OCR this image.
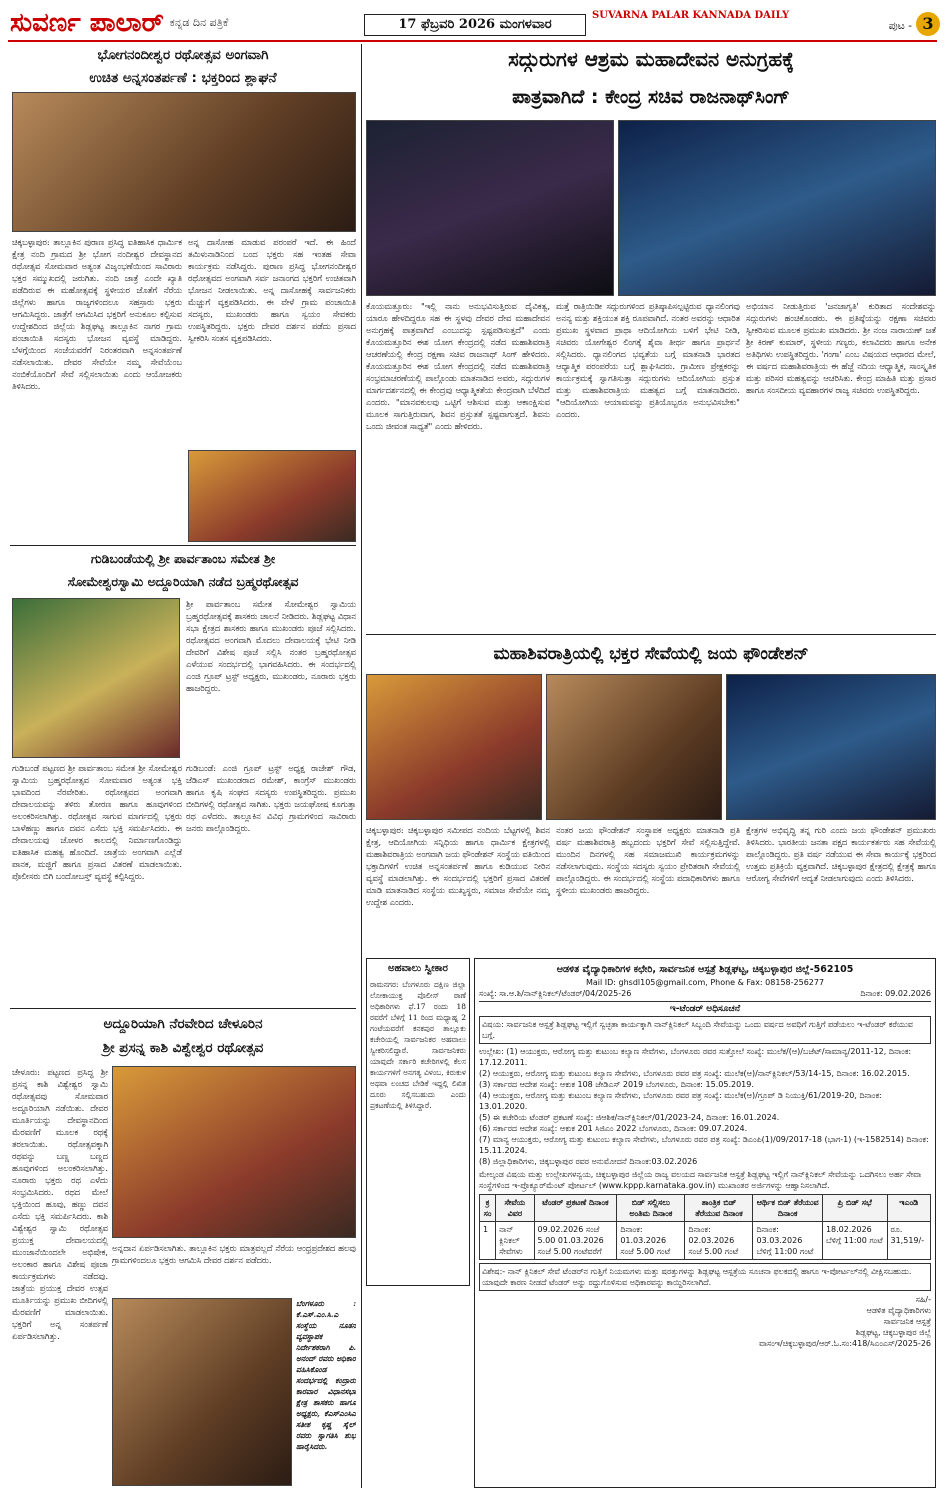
ಸುವರ್ಣ ಪಾಲಾರ್ $^{ಕನ್ನಡ ದಿನ ಪತ್ರಿಕೆ}$	17 ಫೆಬ್ರವರಿ 2026 ಮಂಗಳವಾರ
SUVARNA PALAR KANNADA DAILY
ಪುಟ - 3
ಭೋಗನಂದೀಶ್ವರ ರಥೋತ್ಸವ ಅಂಗವಾಗಿ
ಉಚಿತ ಅನ್ನಸಂತರ್ಪಣೆ : ಭಕ್ತರಿಂದ ಶ್ಲಾಘನೆ
ಚಿಕ್ಕಬಳ್ಳಾಪುರ: ತಾಲ್ಲೂಕಿನ ಪುರಾಣ ಪ್ರಸಿದ್ಧ ಐತಿಹಾಸಿಕ ಧಾರ್ಮಿಕ ಕ್ಷೇತ್ರ ನಂದಿ ಗ್ರಾಮದ ಶ್ರೀ ಭೋಗ ನಂದೀಶ್ವರ ದೇವಸ್ಥಾನದ ರಥೋತ್ಸವ ಸೋಮವಾರ ಅತ್ಯಂತ ವಿಜೃಂಭಣೆಯಿಂದ ಸಾವಿರಾರು ಭಕ್ತರ ಸಮ್ಮುಖದಲ್ಲಿ ಜರುಗಿತು. ನಂದಿ ಜಾತ್ರೆ ಎಂದೇ ಖ್ಯಾತಿ ಪಡೆದಿರುವ ಈ ಮಹೋತ್ಸವಕ್ಕೆ ಸ್ಥಳೀಯರ ಜೊತೆಗೆ ನೆರೆಯ ಜಿಲ್ಲೆಗಳು ಹಾಗೂ ರಾಜ್ಯಗಳಿಂದಲೂ ಸಹಸ್ರಾರು ಭಕ್ತರು ಆಗಮಿಸಿದ್ದರು. ಜಾತ್ರೆಗೆ ಆಗಮಿಸಿದ ಭಕ್ತರಿಗೆ ಅನುಕೂಲ ಕಲ್ಪಿಸುವ ಉದ್ದೇಶದಿಂದ ಜಿಲ್ಲೆಯ ಶಿಡ್ಲಘಟ್ಟ ತಾಲ್ಲೂಕಿನ ನಾಗರ ಗ್ರಾಮ ಪಂಚಾಯಿತಿ ಸದಸ್ಯರು ಭೋಜನ ವ್ಯವಸ್ಥೆ ಮಾಡಿದ್ದರು. ಬೆಳಗ್ಗೆಯಿಂದ ಸಂಜೆಯವರೆಗೆ ನಿರಂತರವಾಗಿ ಅನ್ನಸಂತರ್ಪಣೆ ನಡೆಸಲಾಯಿತು. ದೇವರ ಸೇವೆಯೇ ನಮ್ಮ ಸೇವೆಯೆಂಬ ನಂಬಿಕೆಯೊಂದಿಗೆ ಸೇವೆ ಸಲ್ಲಿಸಲಾಯಿತು ಎಂದು ಆಯೋಜಕರು ತಿಳಿಸಿದರು.
ಅನ್ನ ದಾಸೋಹ ಮಾಡುವ ಪರಂಪರೆ ಇದೆ. ಈ ಹಿಂದೆ ತಮಿಳುನಾಡಿನಿಂದ ಬಂದ ಭಕ್ತರು ಸಹ ಇಂತಹ ಸೇವಾ ಕಾರ್ಯಕ್ರಮ ನಡೆಸಿದ್ದರು. ಪುರಾಣ ಪ್ರಸಿದ್ಧ ಭೋಗನಂದೀಶ್ವರ ರಥೋತ್ಸವದ ಅಂಗವಾಗಿ ಸರ್ವ ಜನಾಂಗದ ಭಕ್ತರಿಗೆ ಉಚಿತವಾಗಿ ಭೋಜನ ನೀಡಲಾಯಿತು. ಅನ್ನ ದಾಸೋಹಕ್ಕೆ ಸಾರ್ವಜನಿಕರು ಮೆಚ್ಚುಗೆ ವ್ಯಕ್ತಪಡಿಸಿದರು. ಈ ವೇಳೆ ಗ್ರಾಮ ಪಂಚಾಯಿತಿ ಸದಸ್ಯರು, ಮುಖಂಡರು ಹಾಗೂ ಸ್ವಯಂ ಸೇವಕರು ಉಪಸ್ಥಿತರಿದ್ದರು. ಭಕ್ತರು ದೇವರ ದರ್ಶನ ಪಡೆದು ಪ್ರಸಾದ ಸ್ವೀಕರಿಸಿ ಸಂತಸ ವ್ಯಕ್ತಪಡಿಸಿದರು.
ಗುಡಿಬಂಡೆಯಲ್ಲಿ ಶ್ರೀ ಪಾರ್ವತಾಂಬ ಸಮೇತ ಶ್ರೀ
ಸೋಮೇಶ್ವರಸ್ವಾಮಿ ಅದ್ದೂರಿಯಾಗಿ ನಡೆದ ಬ್ರಹ್ಮರಥೋತ್ಸವ
ಶ್ರೀ ಪಾರ್ವತಾಂಬ ಸಮೇತ ಸೋಮೇಶ್ವರ ಸ್ವಾಮಿಯ ಬ್ರಹ್ಮರಥೋತ್ಸವಕ್ಕೆ ಶಾಸಕರು ಚಾಲನೆ ನೀಡಿದರು. ಶಿಡ್ಲಘಟ್ಟ ವಿಧಾನ ಸಭಾ ಕ್ಷೇತ್ರದ ಶಾಸಕರು ಹಾಗೂ ಮುಖಂಡರು ಪೂಜೆ ಸಲ್ಲಿಸಿದರು. ರಥೋತ್ಸವದ ಅಂಗವಾಗಿ ಮೊದಲು ದೇವಾಲಯಕ್ಕೆ ಭೇಟಿ ನೀಡಿ ದೇವರಿಗೆ ವಿಶೇಷ ಪೂಜೆ ಸಲ್ಲಿಸಿ ನಂತರ ಬ್ರಹ್ಮರಥೋತ್ಸವ ಎಳೆಯುವ ಸಂದರ್ಭದಲ್ಲಿ ಭಾಗವಹಿಸಿದರು. ಈ ಸಂದರ್ಭದಲ್ಲಿ ಎಂಜಿ ಗ್ರೂಪ್ ಟ್ರಸ್ಟ್ ಅಧ್ಯಕ್ಷರು, ಮುಖಂಡರು, ನೂರಾರು ಭಕ್ತರು ಹಾಜರಿದ್ದರು.
ಗುಡಿಬಂಡೆ ಪಟ್ಟಣದ ಶ್ರೀ ಪಾರ್ವತಾಂಬ ಸಮೇತ ಶ್ರೀ ಸೋಮೇಶ್ವರ ಸ್ವಾಮಿಯ ಬ್ರಹ್ಮರಥೋತ್ಸವ ಸೋಮವಾರ ಅತ್ಯಂತ ಭಕ್ತಿ ಭಾವದಿಂದ ನೆರವೇರಿತು. ರಥೋತ್ಸವದ ಅಂಗವಾಗಿ ದೇವಾಲಯವನ್ನು ತಳಿರು ತೋರಣ ಹಾಗೂ ಹೂವುಗಳಿಂದ ಅಲಂಕರಿಸಲಾಗಿತ್ತು. ರಥೋತ್ಸವ ಸಾಗುವ ಮಾರ್ಗದಲ್ಲಿ ಭಕ್ತರು ಬಾಳೆಹಣ್ಣು ಹಾಗೂ ದವನ ಎಸೆದು ಭಕ್ತಿ ಸಮರ್ಪಿಸಿದರು. ಈ ದೇವಾಲಯವು ಚೋಳರ ಕಾಲದಲ್ಲಿ ನಿರ್ಮಾಣಗೊಂಡಿದ್ದು ಐತಿಹಾಸಿಕ ಮಹತ್ವ ಹೊಂದಿದೆ. ಜಾತ್ರೆಯ ಅಂಗವಾಗಿ ಎಲ್ಲೆಡೆ ಪಾನಕ, ಮಜ್ಜಿಗೆ ಹಾಗೂ ಪ್ರಸಾದ ವಿತರಣೆ ಮಾಡಲಾಯಿತು. ಪೊಲೀಸರು ಬಿಗಿ ಬಂದೋಬಸ್ತ್ ವ್ಯವಸ್ಥೆ ಕಲ್ಪಿಸಿದ್ದರು.
ಗುಡಿಬಂಡೆ: ಎಂಜಿ ಗ್ರೂಪ್ ಟ್ರಸ್ಟ್ ಅಧ್ಯಕ್ಷ ರಾಜೇಶ್ ಗೌಡ, ಜೆಡಿಎಸ್ ಮುಖಂಡರಾದ ರಮೇಶ್, ಕಾಂಗ್ರೆಸ್ ಮುಖಂಡರು ಹಾಗೂ ಕೃಷಿ ಸಂಘದ ಸದಸ್ಯರು ಉಪಸ್ಥಿತರಿದ್ದರು. ಪ್ರಮುಖ ಬೀದಿಗಳಲ್ಲಿ ರಥೋತ್ಸವ ಸಾಗಿತು. ಭಕ್ತರು ಜಯಘೋಷ ಕೂಗುತ್ತಾ ರಥ ಎಳೆದರು. ತಾಲ್ಲೂಕಿನ ವಿವಿಧ ಗ್ರಾಮಗಳಿಂದ ಸಾವಿರಾರು ಜನರು ಪಾಲ್ಗೊಂಡಿದ್ದರು.
ಅದ್ದೂರಿಯಾಗಿ ನೆರವೇರಿದ ಚೇಳೂರಿನ
ಶ್ರೀ ಪ್ರಸನ್ನ ಕಾಶಿ ವಿಶ್ವೇಶ್ವರ ರಥೋತ್ಸವ
ಚೇಳೂರು: ಪಟ್ಟಣದ ಪ್ರಸಿದ್ಧ ಶ್ರೀ ಪ್ರಸನ್ನ ಕಾಶಿ ವಿಶ್ವೇಶ್ವರ ಸ್ವಾಮಿ ರಥೋತ್ಸವವು ಸೋಮವಾರ ಅದ್ದೂರಿಯಾಗಿ ನಡೆಯಿತು. ದೇವರ ಮೂರ್ತಿಯನ್ನು ದೇವಸ್ಥಾನದಿಂದ ಮೆರವಣಿಗೆ ಮೂಲಕ ರಥಕ್ಕೆ ತರಲಾಯಿತು. ರಥೋತ್ಸವಕ್ಕಾಗಿ ರಥವನ್ನು ಬಣ್ಣ ಬಣ್ಣದ ಹೂವುಗಳಿಂದ ಅಲಂಕರಿಸಲಾಗಿತ್ತು. ನೂರಾರು ಭಕ್ತರು ರಥ ಎಳೆದು ಸಂಭ್ರಮಿಸಿದರು. ರಥದ ಮೇಲೆ ಭಕ್ತಿಯಿಂದ ಹೂವು, ಹಣ್ಣು ದವನ ಎಸೆದು ಭಕ್ತಿ ಸಮರ್ಪಿಸಿದರು. ಕಾಶಿ ವಿಶ್ವೇಶ್ವರ ಸ್ವಾಮಿ ರಥೋತ್ಸವ ಪ್ರಯುಕ್ತ ದೇವಾಲಯದಲ್ಲಿ ಮುಂಜಾನೆಯಿಂದಲೇ ಅಭಿಷೇಕ, ಅಲಂಕಾರ ಹಾಗೂ ವಿಶೇಷ ಪೂಜಾ ಕಾರ್ಯಕ್ರಮಗಳು ನಡೆದವು. ಜಾತ್ರೆಯ ಪ್ರಯುಕ್ತ ದೇವರ ಉತ್ಸವ ಮೂರ್ತಿಯನ್ನು ಪ್ರಮುಖ ಬೀದಿಗಳಲ್ಲಿ ಮೆರವಣಿಗೆ ಮಾಡಲಾಯಿತು. ಭಕ್ತರಿಗೆ ಅನ್ನ ಸಂತರ್ಪಣೆ ಏರ್ಪಡಿಸಲಾಗಿತ್ತು.
ಅನ್ನದಾನ ಏರ್ಪಡಿಸಲಾಗಿತು. ತಾಲ್ಲೂಕಿನ ಭಕ್ತರು ಮಾತ್ರವಲ್ಲದೆ ನೆರೆಯ ಆಂಧ್ರಪ್ರದೇಶದ ಹಲವು ಗ್ರಾಮಗಳಿಂದಲೂ ಭಕ್ತರು ಆಗಮಿಸಿ ದೇವರ ದರ್ಶನ ಪಡೆದರು.
ಬೆಂಗಳೂರು : ಕೆ.ಎಸ್.ಎಂ.ಸಿ.ಎ ಸಂಸ್ಥೆಯ ನೂತನ ವ್ಯವಸ್ಥಾಪಕ ನಿರ್ದೇಶಕರಾಗಿ ಪಿ. ಅನಂದ್ ರವರು ಅಧಿಕಾರ ವಹಿಸಿಕೊಂಡ ಸಂದರ್ಭದಲ್ಲಿ ಕಂದ್ರಾರು ಕಾರವಾರ ವಿಧಾನಸಭಾ ಕ್ಷೇತ್ರ ಶಾಸಕರು ಹಾಗೂ ಅಧ್ಯಕ್ಷರು, ಕೆಎಸ್‌ಎಂಸಿಎ ಸತೀಶ ಕೃಷ್ಣ ಸೈಲ್ ರವರು ಸ್ವಾಗತಿಸಿ ಶುಭ ಹಾರೈಸಿದರು.
ಸದ್ಗುರುಗಳ ಆಶ್ರಮ ಮಹಾದೇವನ ಅನುಗ್ರಹಕ್ಕೆ
ಪಾತ್ರವಾಗಿದೆ : ಕೇಂದ್ರ ಸಚಿವ ರಾಜನಾಥ್‌ಸಿಂಗ್
ಕೊಯಮತ್ತೂರು: "ಇಲ್ಲಿ ನಾನು ಅನುಭವಿಸುತ್ತಿರುವ ದೈವಿಕತ್ವ, ಯಾರೂ ಹೇಳದಿದ್ದರೂ ಸಹ ಈ ಸ್ಥಳವು ದೇವರ ದೇವ ಮಹಾದೇವನ ಅನುಗ್ರಹಕ್ಕೆ ಪಾತ್ರವಾಗಿದೆ ಎಂಬುದನ್ನು ಸ್ಪಷ್ಟಪಡಿಸುತ್ತದೆ" ಎಂದು ಕೊಯಮತ್ತೂರಿನ ಈಶ ಯೋಗ ಕೇಂದ್ರದಲ್ಲಿ ನಡೆದ ಮಹಾಶಿವರಾತ್ರಿ ಆಚರಣೆಯಲ್ಲಿ ಕೇಂದ್ರ ರಕ್ಷಣಾ ಸಚಿವ ರಾಜನಾಥ್ ಸಿಂಗ್ ಹೇಳಿದರು. ಕೊಯಮತ್ತೂರಿನ ಈಶ ಯೋಗ ಕೇಂದ್ರದಲ್ಲಿ ನಡೆದ ಮಹಾಶಿವರಾತ್ರಿ ಸಂಭ್ರಮಾಚರಣೆಯಲ್ಲಿ ಪಾಲ್ಗೊಂಡು ಮಾತನಾಡಿದ ಅವರು, ಸದ್ಗುರುಗಳ ಮಾರ್ಗದರ್ಶನದಲ್ಲಿ ಈ ಕೇಂದ್ರವು ಆಧ್ಯಾತ್ಮಿಕತೆಯ ಕೇಂದ್ರವಾಗಿ ಬೆಳೆದಿದೆ ಎಂದರು. "ಮಾನವಕುಲವು ಒಟ್ಟಿಗೆ ಆಶಿಸುವ ಮತ್ತು ಆಕಾಂಕ್ಷಿಸುವ ಮೂಲಕ ಸಾಗುತ್ತಿರುವಾಗ, ಶಿವನ ಪ್ರಸ್ತುತತೆ ಸ್ಪಷ್ಟವಾಗುತ್ತದೆ. ಶಿವನು ಒಂದು ಜೀವಂತ ಸಾಧ್ಯತೆ" ಎಂದು ಹೇಳಿದರು.
ಮತ್ತೆ ರಾತ್ರಿಯಿಡೀ ಸದ್ಗುರುಗಳಿಂದ ಪ್ರತಿಷ್ಠಾಪಿಸಲ್ಪಟ್ಟಿರುವ ಧ್ಯಾನಲಿಂಗವು ಅನನ್ಯ ಮತ್ತು ಶಕ್ತಿಯುತ ಶಕ್ತಿ ರೂಪವಾಗಿದೆ. ನಂತರ ಅವರನ್ನು ಆಧಾರಿತ ಪ್ರಮುಖ ಸ್ಥಳವಾದ ಪ್ರಾಥಾ ಆದಿಯೋಗಿಯ ಬಳಿಗೆ ಭೇಟಿ ನೀಡಿ, ಸಚಿವರು ಯೋಗೇಶ್ವರ ಲಿಂಗಕ್ಕೆ ಶೈವಾ ತೀರ್ಥ ಹಾಗೂ ಪ್ರಾರ್ಥನೆ ಸಲ್ಲಿಸಿದರು. ಧ್ಯಾನಲಿಂಗದ ಭವ್ಯತೆಯ ಬಗ್ಗೆ ಮಾತನಾಡಿ ಭಾರತದ ಆಧ್ಯಾತ್ಮಿಕ ಪರಂಪರೆಯ ಬಗ್ಗೆ ಶ್ಲಾಘಿಸಿದರು. ಗ್ರಾಮೀಣ ಪ್ರೇಕ್ಷಕರನ್ನು ಕಾರ್ಯಕ್ರಮಕ್ಕೆ ಸ್ವಾಗತಿಸುತ್ತಾ ಸದ್ಗುರುಗಳು ಆದಿಯೋಗಿಯ ಪ್ರಸ್ತುತ ಮತ್ತು ಮಹಾಶಿವರಾತ್ರಿಯ ಮಹತ್ವದ ಬಗ್ಗೆ ಮಾತನಾಡಿದರು. "ಆದಿಯೋಗಿಯ ಆಯಾಮವನ್ನು ಪ್ರತಿಯೊಬ್ಬರೂ ಅನುಭವಿಸಬೇಕು" ಎಂದರು.
ಅಭಿಯಾನ ನೀಡುತ್ತಿರುವ 'ಜನಜಾಗೃತಿ' ಕುರಿತಾದ ಸಂದೇಶವನ್ನು ಸದ್ಗುರುಗಳು ಹಂಚಿಕೊಂಡರು. ಈ ಪ್ರತಿಷ್ಠೆಯನ್ನು ರಕ್ಷಣಾ ಸಚಿವರು ಸ್ವೀಕರಿಸುವ ಮೂಲಕ ಪ್ರಮುಖ ಮಾಡಿದರು. ಶ್ರೀ ನಂಜ ನಾರಾಯಣ್ ಜತೆ ಶ್ರೀ ಕಿರಣ್ ಕುಮಾರ್, ಸ್ಥಳೀಯ ಗಣ್ಯರು, ಕಲಾವಿದರು ಹಾಗೂ ಅನೇಕ ಅತಿಥಿಗಳು ಉಪಸ್ಥಿತರಿದ್ದರು. 'ಗಂಗಾ' ಎಂಬ ವಿಷಯದ ಆಧಾರದ ಮೇಲೆ, ಈ ವರ್ಷದ ಮಹಾಶಿವರಾತ್ರಿಯ ಈ ಹೆಜ್ಜೆ ನದಿಯ ಆಧ್ಯಾತ್ಮಿಕ, ಸಾಂಸ್ಕೃತಿಕ ಮತ್ತು ಪರಿಸರ ಮಹತ್ವವನ್ನು ಆಚರಿಸಿತು. ಕೇಂದ್ರ ಮಾಹಿತಿ ಮತ್ತು ಪ್ರಸಾರ ಹಾಗೂ ಸಂಸದೀಯ ವ್ಯವಹಾರಗಳ ರಾಜ್ಯ ಸಚಿವರು ಉಪಸ್ಥಿತರಿದ್ದರು.
ಮಹಾಶಿವರಾತ್ರಿಯಲ್ಲಿ ಭಕ್ತರ ಸೇವೆಯಲ್ಲಿ ಜಯ ಫೌಂಡೇಶನ್
ಚಿಕ್ಕಬಳ್ಳಾಪುರ: ಚಿಕ್ಕಬಳ್ಳಾಪುರ ಸಮೀಪದ ನಂದಿಯ ಬೆಟ್ಟಗಳಲ್ಲಿ ಶಿವನ ಕ್ಷೇತ್ರ, ಆದಿಯೋಗಿಯ ಸನ್ನಿಧಿಯ ಹಾಗೂ ಧಾರ್ಮಿಕ ಕ್ಷೇತ್ರಗಳಲ್ಲಿ ಮಹಾಶಿವರಾತ್ರಿಯ ಅಂಗವಾಗಿ ಜಯ ಫೌಂಡೇಶನ್ ಸಂಸ್ಥೆಯ ವತಿಯಿಂದ ಭಕ್ತಾದಿಗಳಿಗೆ ಉಚಿತ ಅನ್ನಸಂತರ್ಪಣೆ ಹಾಗೂ ಕುಡಿಯುವ ನೀರಿನ ವ್ಯವಸ್ಥೆ ಮಾಡಲಾಗಿತ್ತು. ಈ ಸಂದರ್ಭದಲ್ಲಿ ಭಕ್ತರಿಗೆ ಪ್ರಸಾದ ವಿತರಣೆ ಮಾಡಿ ಮಾತನಾಡಿದ ಸಂಸ್ಥೆಯ ಮುಖ್ಯಸ್ಥರು, ಸಮಾಜ ಸೇವೆಯೇ ನಮ್ಮ ಉದ್ದೇಶ ಎಂದರು.
ನಂತರ ಜಯ ಫೌಂಡೇಶನ್ ಸಂಸ್ಥಾಪಕ ಅಧ್ಯಕ್ಷರು ಮಾತನಾಡಿ ಪ್ರತಿ ವರ್ಷ ಮಹಾಶಿವರಾತ್ರಿ ಹಬ್ಬದಂದು ಭಕ್ತರಿಗೆ ಸೇವೆ ಸಲ್ಲಿಸುತ್ತಿದ್ದೇವೆ. ಮುಂದಿನ ದಿನಗಳಲ್ಲಿ ಸಹ ಸಮಾಜಮುಖಿ ಕಾರ್ಯಕ್ರಮಗಳನ್ನು ನಡೆಸಲಾಗುವುದು. ಸಂಸ್ಥೆಯ ಸದಸ್ಯರು ಸ್ವಯಂ ಪ್ರೇರಿತರಾಗಿ ಸೇವೆಯಲ್ಲಿ ಪಾಲ್ಗೊಂಡಿದ್ದರು. ಈ ಸಂದರ್ಭದಲ್ಲಿ ಸಂಸ್ಥೆಯ ಪದಾಧಿಕಾರಿಗಳು ಹಾಗೂ ಸ್ಥಳೀಯ ಮುಖಂಡರು ಹಾಜರಿದ್ದರು.
ಕ್ಷೇತ್ರಗಳ ಅಭಿವೃದ್ಧಿ ತನ್ನ ಗುರಿ ಎಂದು ಜಯ ಫೌಂಡೇಶನ್ ಪ್ರಮುಖರು ತಿಳಿಸಿದರು. ಭಾರತೀಯ ಜನತಾ ಪಕ್ಷದ ಕಾರ್ಯಕರ್ತರು ಸಹ ಸೇವೆಯಲ್ಲಿ ಪಾಲ್ಗೊಂಡಿದ್ದರು. ಪ್ರತಿ ವರ್ಷ ನಡೆಯುವ ಈ ಸೇವಾ ಕಾರ್ಯಕ್ಕೆ ಭಕ್ತರಿಂದ ಉತ್ತಮ ಪ್ರತಿಕ್ರಿಯೆ ವ್ಯಕ್ತವಾಗಿದೆ. ಚಿಕ್ಕಬಳ್ಳಾಪುರ ಕ್ಷೇತ್ರದಲ್ಲಿ ಕ್ಷೇತ್ರಕ್ಕೆ ಹಾಗೂ ಆರೋಗ್ಯ ಸೇವೆಗಳಿಗೆ ಆದ್ಯತೆ ನೀಡಲಾಗುವುದು ಎಂದು ತಿಳಿಸಿದರು.
ಅಹವಾಲು ಸ್ವೀಕಾರ
ರಾಮನಗರ: ಬೆಂಗಳೂರು ದಕ್ಷಿಣ ಜಿಲ್ಲಾ ಲೋಕಾಯುಕ್ತ ಪೊಲೀಸ್ ಠಾಣೆ ಅಧಿಕಾರಿಗಳು ಫೆ.17 ರಂದು 18 ರವರೆಗೆ ಬೆಳಿಗ್ಗೆ 11 ರಿಂದ ಮಧ್ಯಾಹ್ನ 2 ಗಂಟೆಯವರೆಗೆ ಕನಕಪುರ ತಾಲ್ಲೂಕು ಕಚೇರಿಯಲ್ಲಿ ಸಾರ್ವಜನಿಕರ ಅಹವಾಲು ಸ್ವೀಕರಿಸಲಿದ್ದಾರೆ. ಸಾರ್ವಜನಿಕರು ಯಾವುದೇ ಸರ್ಕಾರಿ ಕಚೇರಿಗಳಲ್ಲಿ ಕೆಲಸ ಕಾರ್ಯಗಳಿಗೆ ಅನಗತ್ಯ ವಿಳಂಬ, ಕಿರುಕುಳ ಅಥವಾ ಲಂಚದ ಬೇಡಿಕೆ ಇದ್ದಲ್ಲಿ ಲಿಖಿತ ದೂರು ಸಲ್ಲಿಸಬಹುದು ಎಂದು ಪ್ರಕಟಣೆಯಲ್ಲಿ ತಿಳಿಸಿದ್ದಾರೆ.
ಆಡಳಿತ ವೈದ್ಯಾಧಿಕಾರಿಗಳ ಕಛೇರಿ, ಸಾರ್ವಜನಿಕ ಆಸ್ಪತ್ರೆ ಶಿಡ್ಲಘಟ್ಟ, ಚಿಕ್ಕಬಳ್ಳಾಪುರ ಜಿಲ್ಲೆ-562105
Mail ID: ghsdl105@gmail.com, Phone & Fax: 08158-256277
ಸಂಖ್ಯೆ: ಸಾ.ಆ.ಶಿ/ನಾನ್‌ಕ್ಲಿನಿಕಲ್/ಟೆಂಡರ್/04/2025-26	ದಿನಾಂಕ: 09.02.2026
ಇ-ಟೆಂಡರ್ ಅಧಿಸೂಚನೆ
ವಿಷಯ: ಸಾರ್ವಜನಿಕ ಆಸ್ಪತ್ರೆ ಶಿಡ್ಲಘಟ್ಟ ಇಲ್ಲಿಗೆ ಸ್ವಚ್ಛತಾ ಕಾರ್ಯಕ್ಕಾಗಿ ನಾನ್‌ಕ್ಲಿನಿಕಲ್ ಸಿಬ್ಬಂದಿ ಸೇವೆಯನ್ನು ಒಂದು ವರ್ಷದ ಅವಧಿಗೆ ಗುತ್ತಿಗೆ ಪಡೆಯಲು ಇ-ಟೆಂಡರ್ ಕರೆಯುವ ಬಗ್ಗೆ.
ಉಲ್ಲೇಖ: (1) ಆಯುಕ್ತರು, ಆರೋಗ್ಯ ಮತ್ತು ಕುಟುಂಬ ಕಲ್ಯಾಣ ಸೇವೆಗಳು, ಬೆಂಗಳೂರು ರವರ ಸುತ್ತೋಲೆ ಸಂಖ್ಯೆ: ಮುಲೆಕ/(ಆ)/ಬಜೆಟ್/ಸಾಮಾನ್ಯ/2011-12, ದಿನಾಂಕ: 17.12.2011.
(2) ಆಯುಕ್ತರು, ಆರೋಗ್ಯ ಮತ್ತು ಕುಟುಂಬ ಕಲ್ಯಾಣ ಸೇವೆಗಳು, ಬೆಂಗಳೂರು ರವರ ಪತ್ರ ಸಂಖ್ಯೆ: ಮುಲೆಕ(ಆ)/ನಾನ್‌ಕ್ಲಿನಿಕಲ್/53/14-15, ದಿನಾಂಕ: 16.02.2015.
(3) ಸರ್ಕಾರದ ಆದೇಶ ಸಂಖ್ಯೆ: ಆಕುಕ 108 ಜೇಡಿಎಸ್ 2019 ಬೆಂಗಳೂರು, ದಿನಾಂಕ: 15.05.2019.
(4) ಆಯುಕ್ತರು, ಆರೋಗ್ಯ ಮತ್ತು ಕುಟುಂಬ ಕಲ್ಯಾಣ ಸೇವೆಗಳು, ಬೆಂಗಳೂರು ರವರ ಪತ್ರ ಸಂಖ್ಯೆ: ಮುಲೆಕ(ಆ)/ಗ್ರೂಪ್ ಡಿ ನಿಯುಕ್ತಿ/61/2019-20, ದಿನಾಂಕ: 13.01.2020.
(5) ಈ ಕಚೇರಿಯ ಟೆಂಡರ್ ಪ್ರಕಟಣೆ ಸಂಖ್ಯೆ: ಜಿಆಶಿಕ/ನಾನ್‌ಕ್ಲಿನಿಕಲ್/01/2023-24, ದಿನಾಂಕ: 16.01.2024.
(6) ಸರ್ಕಾರದ ಆದೇಶ ಸಂಖ್ಯೆ: ಆಕುಕ 201 ಸಿಜಿಎಂ 2022 ಬೆಂಗಳೂರು, ದಿನಾಂಕ: 09.07.2024.
(7) ಮಾನ್ಯ ಆಯುಕ್ತರು, ಆರೋಗ್ಯ ಮತ್ತು ಕುಟುಂಬ ಕಲ್ಯಾಣ ಸೇವೆಗಳು, ಬೆಂಗಳೂರು ರವರ ಪತ್ರ ಸಂಖ್ಯೆ: ಡಿಎಂಪಿ(1)/09/2017-18 (ಭಾಗ-1) (ಇ-1582514) ದಿನಾಂಕ: 15.11.2024.
(8) ಜಿಲ್ಲಾಧಿಕಾರಿಗಳು, ಚಿಕ್ಕಬಳ್ಳಾಪುರ ರವರ ಅನುಮೋದನೆ ದಿನಾಂಕ:03.02.2026
ಮೇಲ್ಕಂಡ ವಿಷಯ ಮತ್ತು ಉಲ್ಲೇಖಗಳನ್ವಯ, ಚಿಕ್ಕಬಳ್ಳಾಪುರ ಜಿಲ್ಲೆಯ ರಾಜ್ಯ ವಲಯದ ಸಾರ್ವಜನಿಕ ಆಸ್ಪತ್ರೆ ಶಿಡ್ಲಘಟ್ಟ ಇಲ್ಲಿಗೆ ನಾನ್‌ಕ್ಲಿನಿಕಲ್ ಸೇವೆಯನ್ನು ಒದಗಿಸಲು ಅರ್ಹ ಸೇವಾ ಸಂಸ್ಥೆಗಳಿಂದ ಇ-ಪ್ರೊಕ್ಯೂರ್‌ಮೆಂಟ್ ಪೋರ್ಟಲ್ (www.kppp.karnataka.gov.in) ಮುಖಾಂತರ ಅರ್ಜಿಗಳನ್ನು ಆಹ್ವಾನಿಸಲಾಗಿದೆ.
ಕ್ರ ಸಂ	ಸೇವೆಯ ವಿವರ	ಟೆಂಡರ್ ಪ್ರಕಟಣೆ ದಿನಾಂಕ	ಬಿಡ್ ಸಲ್ಲಿಸಲು ಅಂತಿಮ ದಿನಾಂಕ	ತಾಂತ್ರಿಕ ಬಿಡ್ ತೆರೆಯುವ ದಿನಾಂಕ	ಆರ್ಥಿಕ ಬಿಡ್ ತೆರೆಯುವ ದಿನಾಂಕ	ಪ್ರಿ ಬಿಡ್ ಸಭೆ	ಇಎಂಡಿ
1	ನಾನ್ ಕ್ಲಿನಿಕಲ್ ಸೇವೆಗಳು	09.02.2026 ಸಂಜೆ 5.00 01.03.2026 ಸಂಜೆ 5.00 ಗಂಟೆವರೆಗೆ	ದಿನಾಂಕ: 01.03.2026 ಸಂಜೆ 5.00 ಗಂಟೆ	ದಿನಾಂಕ: 02.03.2026 ಸಂಜೆ 5.00 ಗಂಟೆ	ದಿನಾಂಕ: 03.03.2026 ಬೆಳಿಗ್ಗೆ 11:00 ಗಂಟೆ	18.02.2026 ಬೆಳಿಗ್ಗೆ 11:00 ಗಂಟೆ	ರೂ. 31,519/-
ವಿಶೇಷ:- ನಾನ್ ಕ್ಲಿನಿಕಲ್ ಸೇವೆ ಟೆಂಡರ್‌ನ ಗುತ್ತಿಗೆ ನಿಯಮಗಳು ಮತ್ತು ಷರತ್ತುಗಳನ್ನು ಶಿಡ್ಲಘಟ್ಟ ಆಸ್ಪತ್ರೆಯ ಸೂಚನಾ ಫಲಕದಲ್ಲಿ ಹಾಗೂ ಇ-ಪೋರ್ಟಲ್‌ನಲ್ಲಿ ವೀಕ್ಷಿಸಬಹುದು. ಯಾವುದೇ ಕಾರಣ ನೀಡದೆ ಟೆಂಡರ್ ಅನ್ನು ರದ್ದುಗೊಳಿಸುವ ಅಧಿಕಾರವನ್ನು ಕಾಯ್ದಿರಿಸಲಾಗಿದೆ.
ಸಹಿ/-
ಆಡಳಿತ ವೈದ್ಯಾಧಿಕಾರಿಗಳು
ಸಾರ್ವಜನಿಕ ಆಸ್ಪತ್ರೆ
ಶಿಡ್ಲಘಟ್ಟ, ಚಿಕ್ಕಬಳ್ಳಾಪುರ ಜಿಲ್ಲೆ
ವಾಸಂಇ/ಚಿಕ್ಕಬಳ್ಳಾಪುರ/ಆರ್.ಓ.ಸಂ:418/ಸಿಎಂಎಸ್/2025-26
